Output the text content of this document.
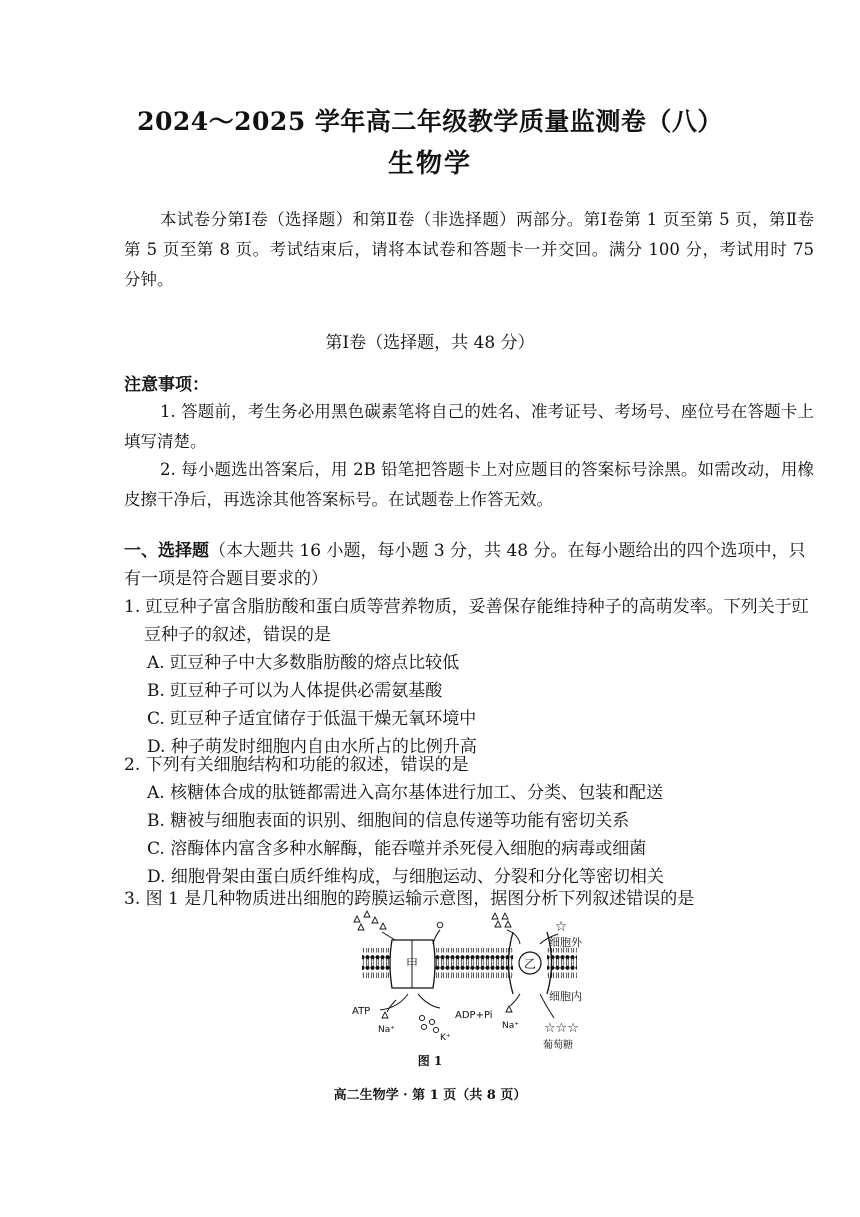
2024～2025 学年高二年级教学质量监测卷（八）
生物学
本试卷分第Ⅰ卷（选择题）和第Ⅱ卷（非选择题）两部分。第Ⅰ卷第 1 页至第 5 页，第Ⅱ卷第 5 页至第 8 页。考试结束后，请将本试卷和答题卡一并交回。满分 100 分，考试用时 75 分钟。
第Ⅰ卷（选择题，共 48 分）
注意事项：
1. 答题前，考生务必用黑色碳素笔将自己的姓名、准考证号、考场号、座位号在答题卡上填写清楚。
2. 每小题选出答案后，用 2B 铅笔把答题卡上对应题目的答案标号涂黑。如需改动，用橡皮擦干净后，再选涂其他答案标号。在试题卷上作答无效。
一、选择题（本大题共 16 小题，每小题 3 分，共 48 分。在每小题给出的四个选项中，只有一项是符合题目要求的）
1. 豇豆种子富含脂肪酸和蛋白质等营养物质，妥善保存能维持种子的高萌发率。下列关于豇豆种子的叙述，错误的是
A. 豇豆种子中大多数脂肪酸的熔点比较低
B. 豇豆种子可以为人体提供必需氨基酸
C. 豇豆种子适宜储存于低温干燥无氧环境中
D. 种子萌发时细胞内自由水所占的比例升高
2. 下列有关细胞结构和功能的叙述，错误的是
A. 核糖体合成的肽链都需进入高尔基体进行加工、分类、包装和配送
B. 糖被与细胞表面的识别、细胞间的信息传递等功能有密切关系
C. 溶酶体内富含多种水解酶，能吞噬并杀死侵入细胞的病毒或细菌
D. 细胞骨架由蛋白质纤维构成，与细胞运动、分裂和分化等密切相关
3. 图 1 是几种物质进出细胞的跨膜运输示意图，据图分析下列叙述错误的是
甲	乙
☆
细胞外
细胞内
ATP	ADP+Pi
Na⁺
K⁺
Na⁺ ☆☆☆
葡萄糖
图 1
高二生物学 · 第 1 页（共 8 页）
